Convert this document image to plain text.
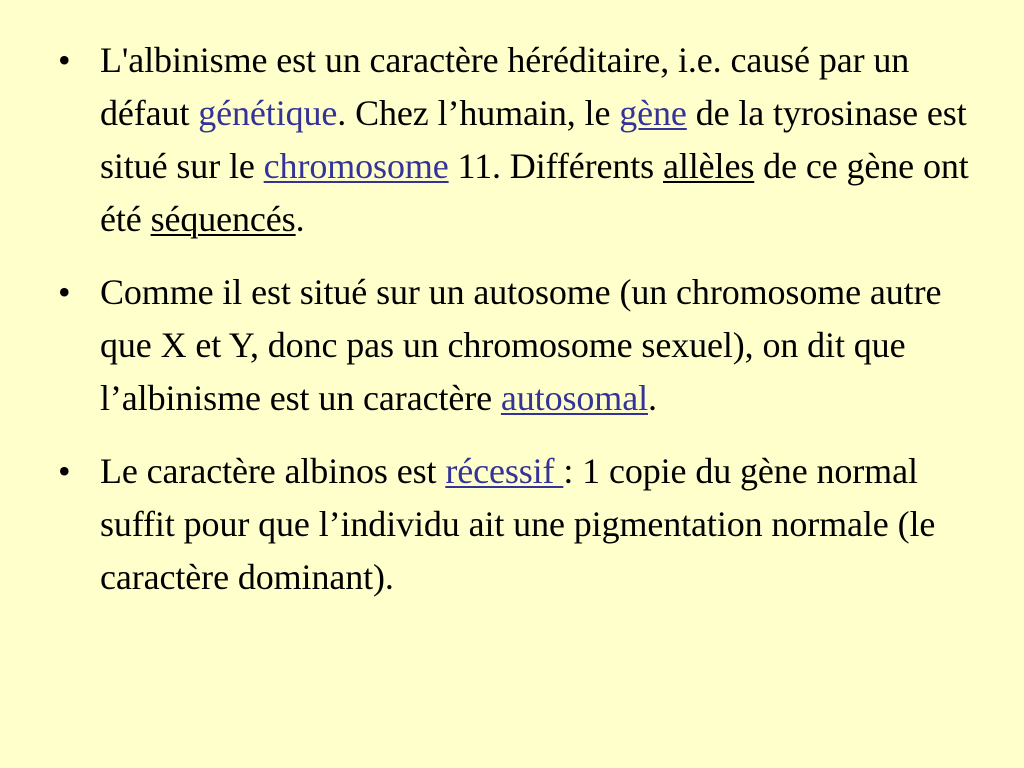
• L'albinisme est un caractère héréditaire, i.e. causé par un défaut génétique. Chez l’humain, le gène de la tyrosinase est situé sur le chromosome 11. Différents allèles de ce gène ont été séquencés.
• Comme il est situé sur un autosome (un chromosome autre que X et Y, donc pas un chromosome sexuel), on dit que l’albinisme est un caractère autosomal.
• Le caractère albinos est récessif : 1 copie du gène normal suffit pour que l’individu ait une pigmentation normale (le caractère dominant).
